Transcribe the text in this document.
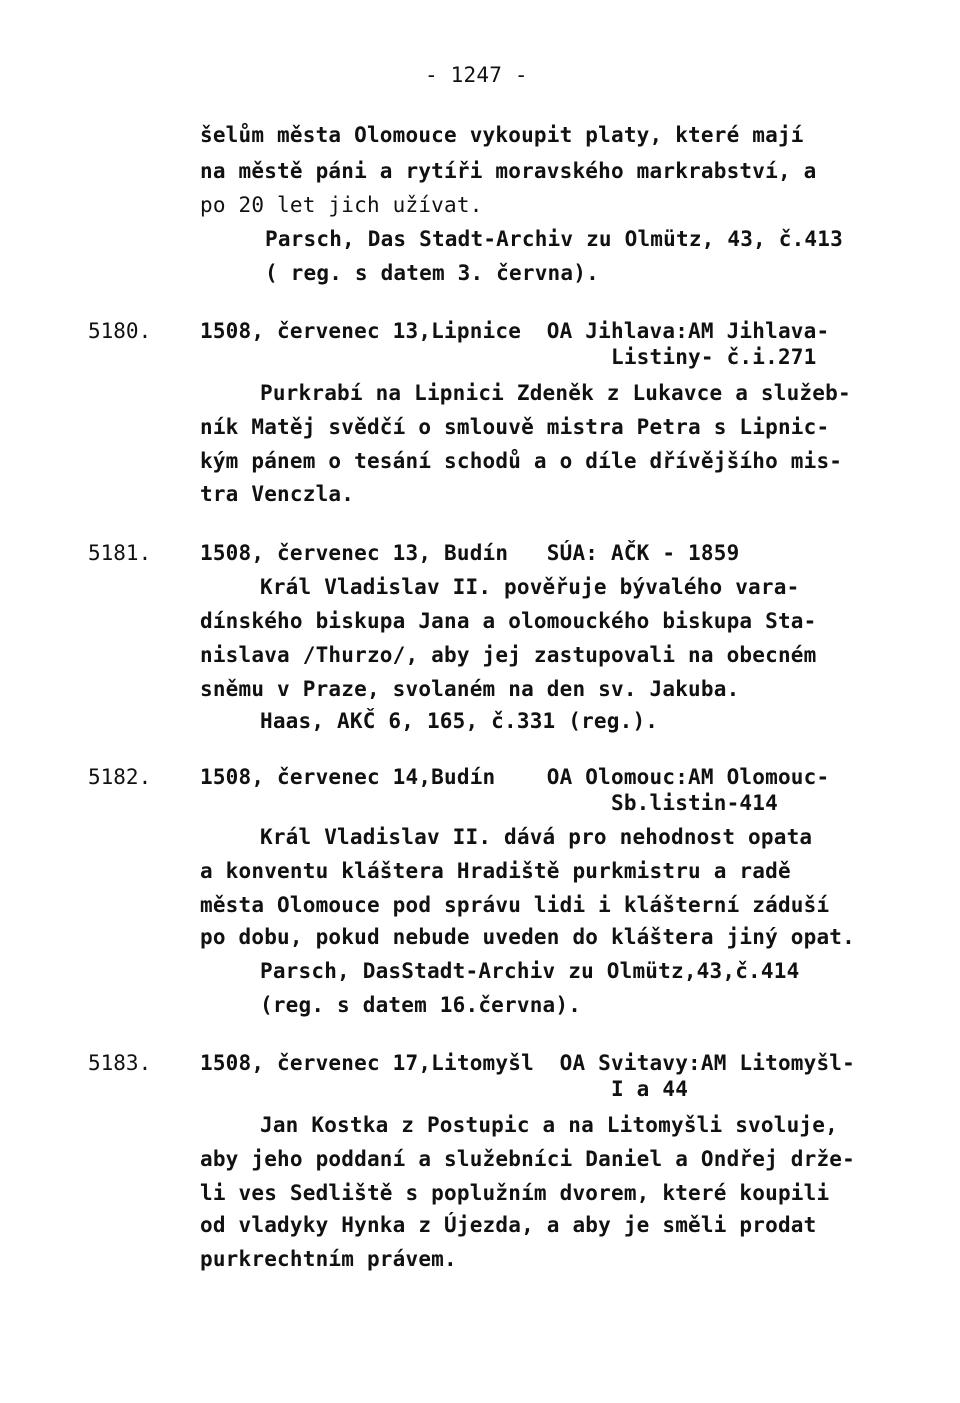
- 1247 -
šelům města Olomouce vykoupit platy, které mají
na městě páni a rytíři moravského markrabství, a
po 20 let jich užívat.
Parsch, Das Stadt-Archiv zu Olmütz, 43, č.413
( reg. s datem 3. června).
5180. 1508, červenec 13,Lipnice  OA Jihlava:AM Jihlava-
Listiny- č.i.271
Purkrabí na Lipnici Zdeněk z Lukavce a služeb-
ník Matěj svědčí o smlouvě mistra Petra s Lipnic-
kým pánem o tesání schodů a o díle dřívějšího mis-
tra Venczla.
5181. 1508, červenec 13, Budín   SÚA: AČK - 1859
Král Vladislav II. pověřuje bývalého vara-
dínského biskupa Jana a olomouckého biskupa Sta-
nislava /Thurzo/, aby jej zastupovali na obecném
sněmu v Praze, svolaném na den sv. Jakuba.
Haas, AKČ 6, 165, č.331 (reg.).
5182. 1508, červenec 14,Budín    OA Olomouc:AM Olomouc-
Sb.listin-414
Král Vladislav II. dává pro nehodnost opata
a konventu kláštera Hradiště purkmistru a radě
města Olomouce pod správu lidi i klášterní záduší
po dobu, pokud nebude uveden do kláštera jiný opat.
Parsch, DasStadt-Archiv zu Olmütz,43,č.414
(reg. s datem 16.června).
5183. 1508, červenec 17,Litomyšl  OA Svitavy:AM Litomyšl-
I a 44
Jan Kostka z Postupic a na Litomyšli svoluje,
aby jeho poddaní a služebníci Daniel a Ondřej drže-
li ves Sedliště s poplužním dvorem, které koupili
od vladyky Hynka z Újezda, a aby je směli prodat
purkrechtním právem.
